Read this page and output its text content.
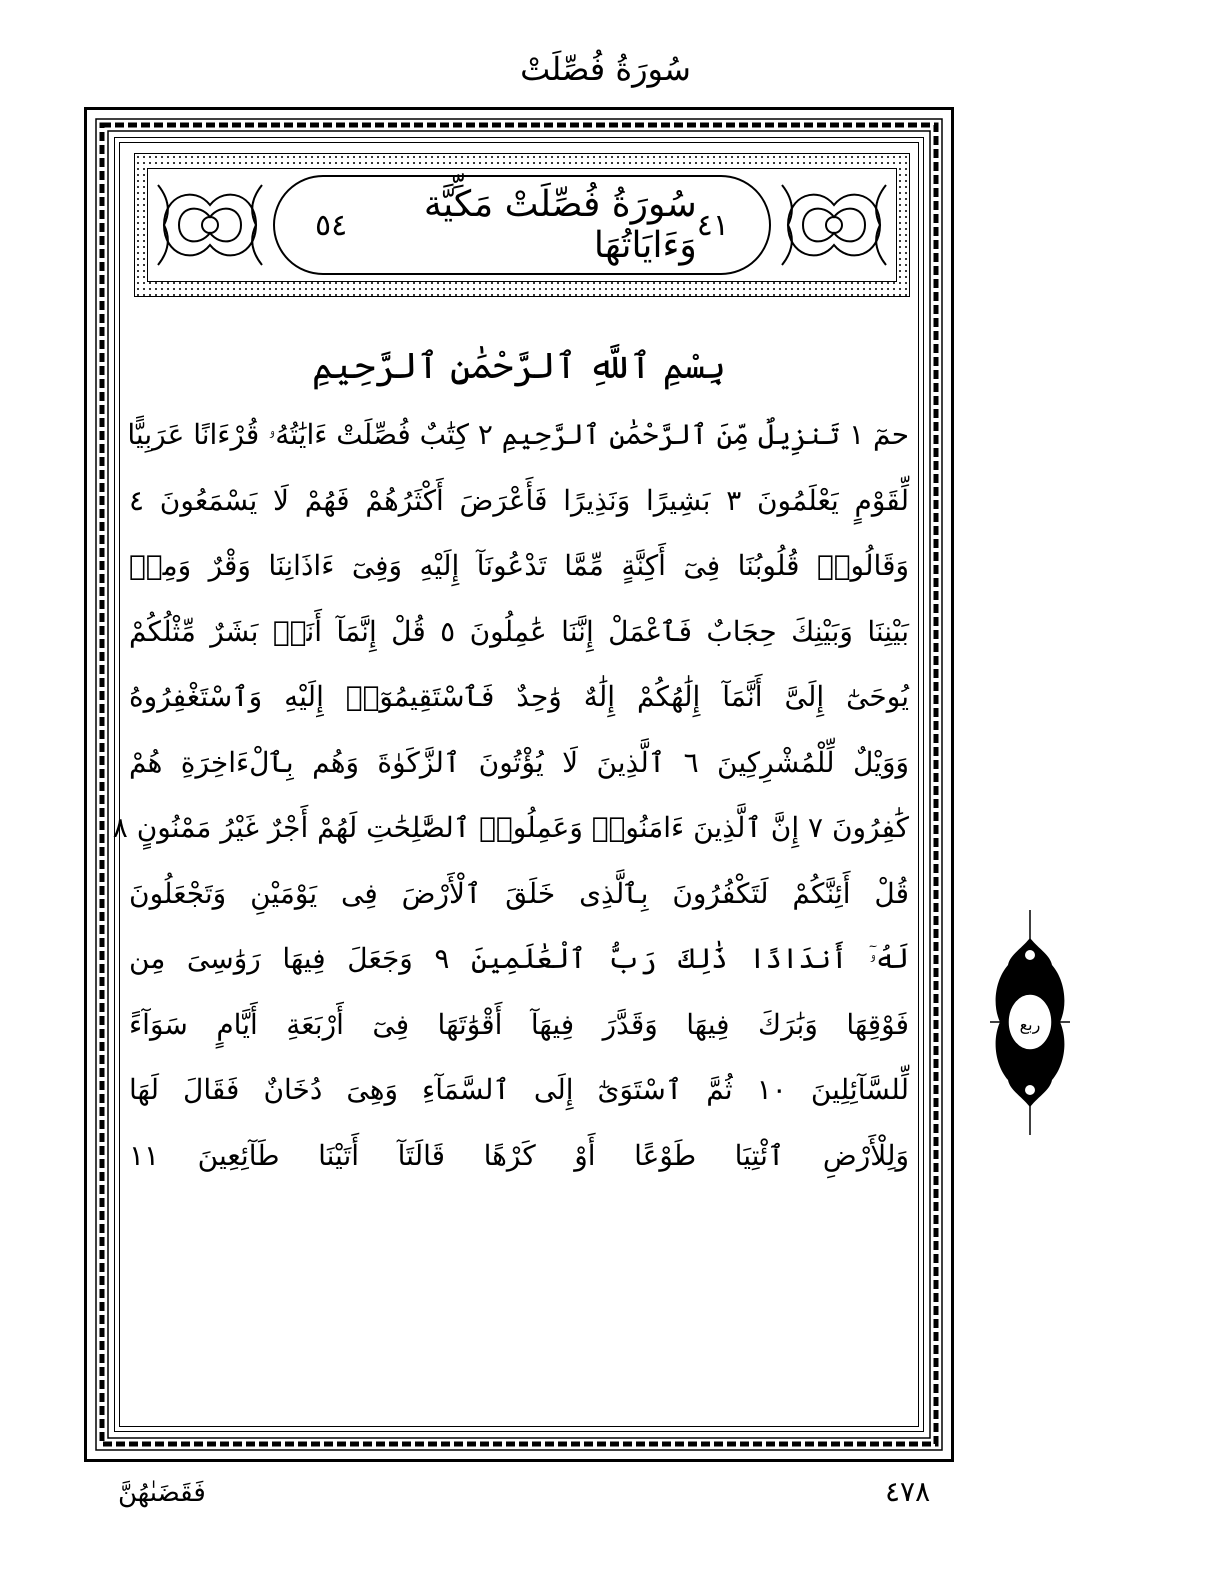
سُورَةُ فُصِّلَتْ
٤١
سُورَةُ فُصِّلَتْ مَكِّيَّة وَءَايَاتُهَا
٥٤
بِسْمِ ٱللَّهِ ٱلرَّحْمَٰنِ ٱلرَّحِيمِ
حمٓ ١ تَنزِيلٌ مِّنَ ٱلرَّحْمَٰنِ ٱلرَّحِيمِ ٢ كِتَٰبٌ فُصِّلَتْ ءَايَٰتُهُۥ قُرْءَانًا عَرَبِيًّا
لِّقَوْمٍ يَعْلَمُونَ ٣ بَشِيرًا وَنَذِيرًا فَأَعْرَضَ أَكْثَرُهُمْ فَهُمْ لَا يَسْمَعُونَ ٤
وَقَالُوا۟ قُلُوبُنَا فِىٓ أَكِنَّةٍ مِّمَّا تَدْعُونَآ إِلَيْهِ وَفِىٓ ءَاذَانِنَا وَقْرٌ وَمِنۢ
بَيْنِنَا وَبَيْنِكَ حِجَابٌ فَٱعْمَلْ إِنَّنَا عَٰمِلُونَ ٥ قُلْ إِنَّمَآ أَنَا۠ بَشَرٌ مِّثْلُكُمْ
يُوحَىٰٓ إِلَىَّ أَنَّمَآ إِلَٰهُكُمْ إِلَٰهٌ وَٰحِدٌ فَٱسْتَقِيمُوٓا۟ إِلَيْهِ وَٱسْتَغْفِرُوهُ
وَوَيْلٌ لِّلْمُشْرِكِينَ ٦ ٱلَّذِينَ لَا يُؤْتُونَ ٱلزَّكَوٰةَ وَهُم بِٱلْءَاخِرَةِ هُمْ
كَٰفِرُونَ ٧ إِنَّ ٱلَّذِينَ ءَامَنُوا۟ وَعَمِلُوا۟ ٱلصَّٰلِحَٰتِ لَهُمْ أَجْرٌ غَيْرُ مَمْنُونٍ ٨
قُلْ أَئِنَّكُمْ لَتَكْفُرُونَ بِٱلَّذِى خَلَقَ ٱلْأَرْضَ فِى يَوْمَيْنِ وَتَجْعَلُونَ
لَهُۥٓ أَندَادًا ذَٰلِكَ رَبُّ ٱلْعَٰلَمِينَ ٩ وَجَعَلَ فِيهَا رَوَٰسِىَ مِن
فَوْقِهَا وَبَٰرَكَ فِيهَا وَقَدَّرَ فِيهَآ أَقْوَٰتَهَا فِىٓ أَرْبَعَةِ أَيَّامٍ سَوَآءً
لِّلسَّآئِلِينَ ١٠ ثُمَّ ٱسْتَوَىٰٓ إِلَى ٱلسَّمَآءِ وَهِىَ دُخَانٌ فَقَالَ لَهَا
وَلِلْأَرْضِ ٱئْتِيَا طَوْعًا أَوْ كَرْهًا قَالَتَآ أَتَيْنَا طَآئِعِينَ ١١
ربع
فَقَضَىٰهُنَّ	٤٧٨
